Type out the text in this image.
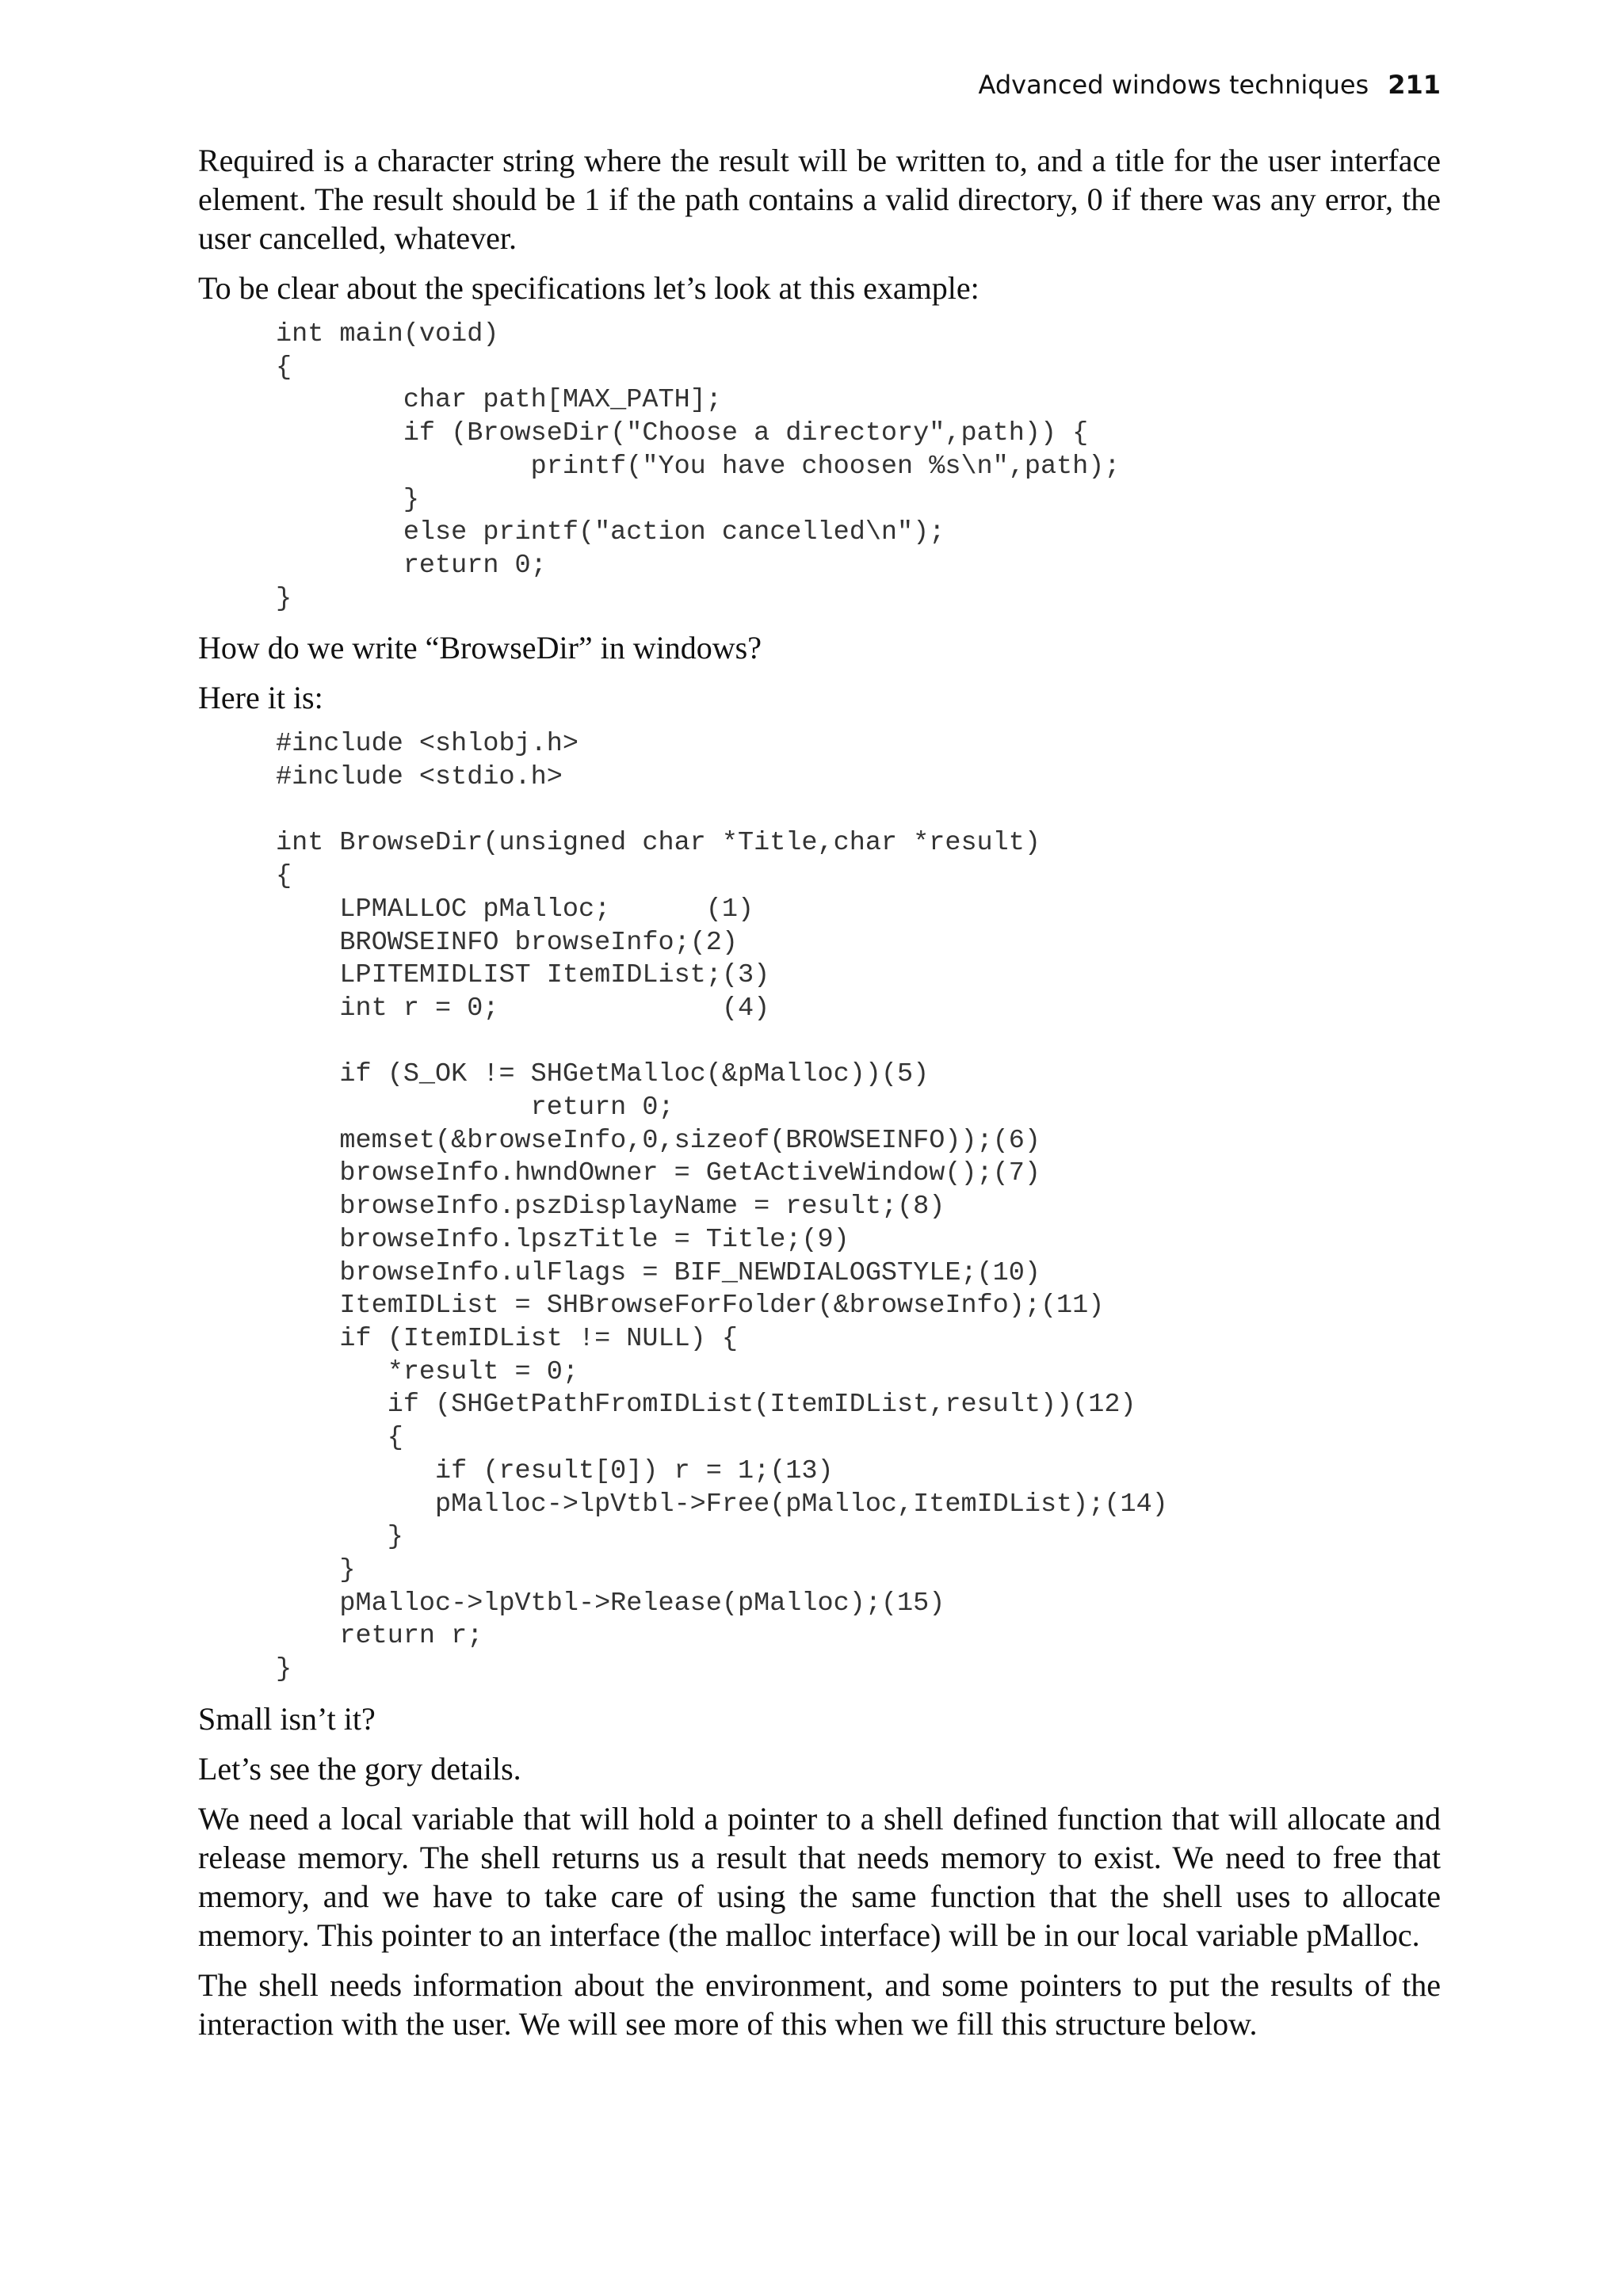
Advanced windows techniques 211

Required is a character string where the result will be written to, and a title for the user interface element. The result should be 1 if the path contains a valid directory, 0 if there was any error, the user cancelled, whatever.

To be clear about the specifications let’s look at this example:

int main(void)
{
char path[MAX_PATH];
if (BrowseDir("Choose a directory",path)) {
printf("You have choosen %s\n",path);
}
else printf("action cancelled\n");
return 0;
}

How do we write “BrowseDir” in windows?

Here it is:

#include <shlobj.h>
#include <stdio.h>

int BrowseDir(unsigned char *Title,char *result)
{
LPMALLOC pMalloc;      (1)
BROWSEINFO browseInfo;(2)
LPITEMIDLIST ItemIDList;(3)
int r = 0;              (4)

if (S_OK != SHGetMalloc(&pMalloc))(5)
return 0;
memset(&browseInfo,0,sizeof(BROWSEINFO));(6)
browseInfo.hwndOwner = GetActiveWindow();(7)
browseInfo.pszDisplayName = result;(8)
browseInfo.lpszTitle = Title;(9)
browseInfo.ulFlags = BIF_NEWDIALOGSTYLE;(10)
ItemIDList = SHBrowseForFolder(&browseInfo);(11)
if (ItemIDList != NULL) {
*result = 0;
if (SHGetPathFromIDList(ItemIDList,result))(12)
{
if (result[0]) r = 1;(13)
pMalloc->lpVtbl->Free(pMalloc,ItemIDList);(14)
}
}
pMalloc->lpVtbl->Release(pMalloc);(15)
return r;
}

Small isn’t it?

Let’s see the gory details.

We need a local variable that will hold a pointer to a shell defined function that will allocate and release memory. The shell returns us a result that needs memory to exist. We need to free that memory, and we have to take care of using the same function that the shell uses to allocate memory. This pointer to an interface (the malloc interface) will be in our local variable pMalloc.

The shell needs information about the environment, and some pointers to put the results of the interaction with the user. We will see more of this when we fill this structure below.
